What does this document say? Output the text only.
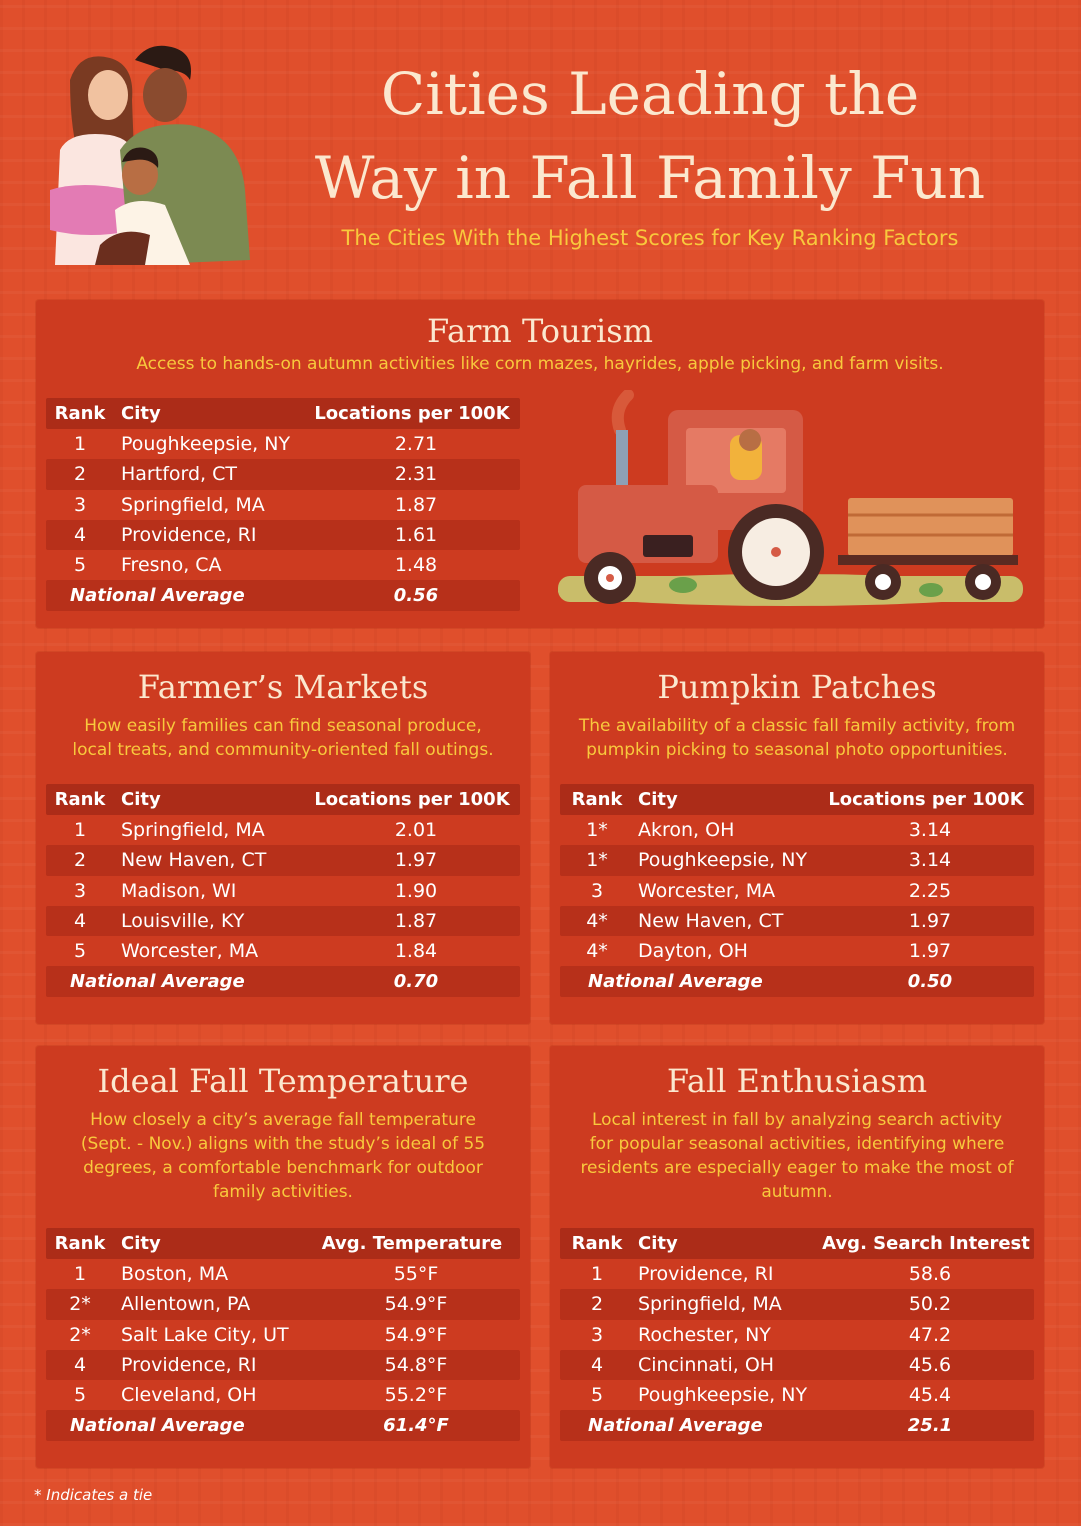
Cities Leading the
Way in Fall Family Fun
The Cities With the Highest Scores for Key Ranking Factors
Farm Tourism
Access to hands-on autumn activities like corn mazes, hayrides, apple picking, and farm visits.
Rank City	Locations per 100K
1	Poughkeepsie, NY	2.71
2	Hartford, CT	2.31
3	Springfield, MA	1.87
4	Providence, RI	1.61
5	Fresno, CA	1.48
National Average	0.56
Farmer’s Markets
How easily families can find seasonal produce, local treats, and community-oriented fall outings.
Rank City	Locations per 100K
1	Springfield, MA	2.01
2	New Haven, CT	1.97
3	Madison, WI	1.90
4	Louisville, KY	1.87
5	Worcester, MA	1.84
National Average	0.70
Pumpkin Patches
The availability of a classic fall family activity, from pumpkin picking to seasonal photo opportunities.
Rank City	Locations per 100K
1*	Akron, OH	3.14
1*	Poughkeepsie, NY	3.14
3	Worcester, MA	2.25
4*	New Haven, CT	1.97
4*	Dayton, OH	1.97
National Average	0.50
Ideal Fall Temperature
How closely a city’s average fall temperature (Sept. - Nov.) aligns with the study’s ideal of 55 degrees, a comfortable benchmark for outdoor family activities.
Rank City	Avg. Temperature
1	Boston, MA	55°F
2*	Allentown, PA	54.9°F
2*	Salt Lake City, UT	54.9°F
4	Providence, RI	54.8°F
5	Cleveland, OH	55.2°F
National Average	61.4°F
Fall Enthusiasm
Local interest in fall by analyzing search activity for popular seasonal activities, identifying where residents are especially eager to make the most of autumn.
Rank City	Avg. Search Interest
1	Providence, RI	58.6
2	Springfield, MA	50.2
3	Rochester, NY	47.2
4	Cincinnati, OH	45.6
5	Poughkeepsie, NY	45.4
National Average	25.1
* Indicates a tie
